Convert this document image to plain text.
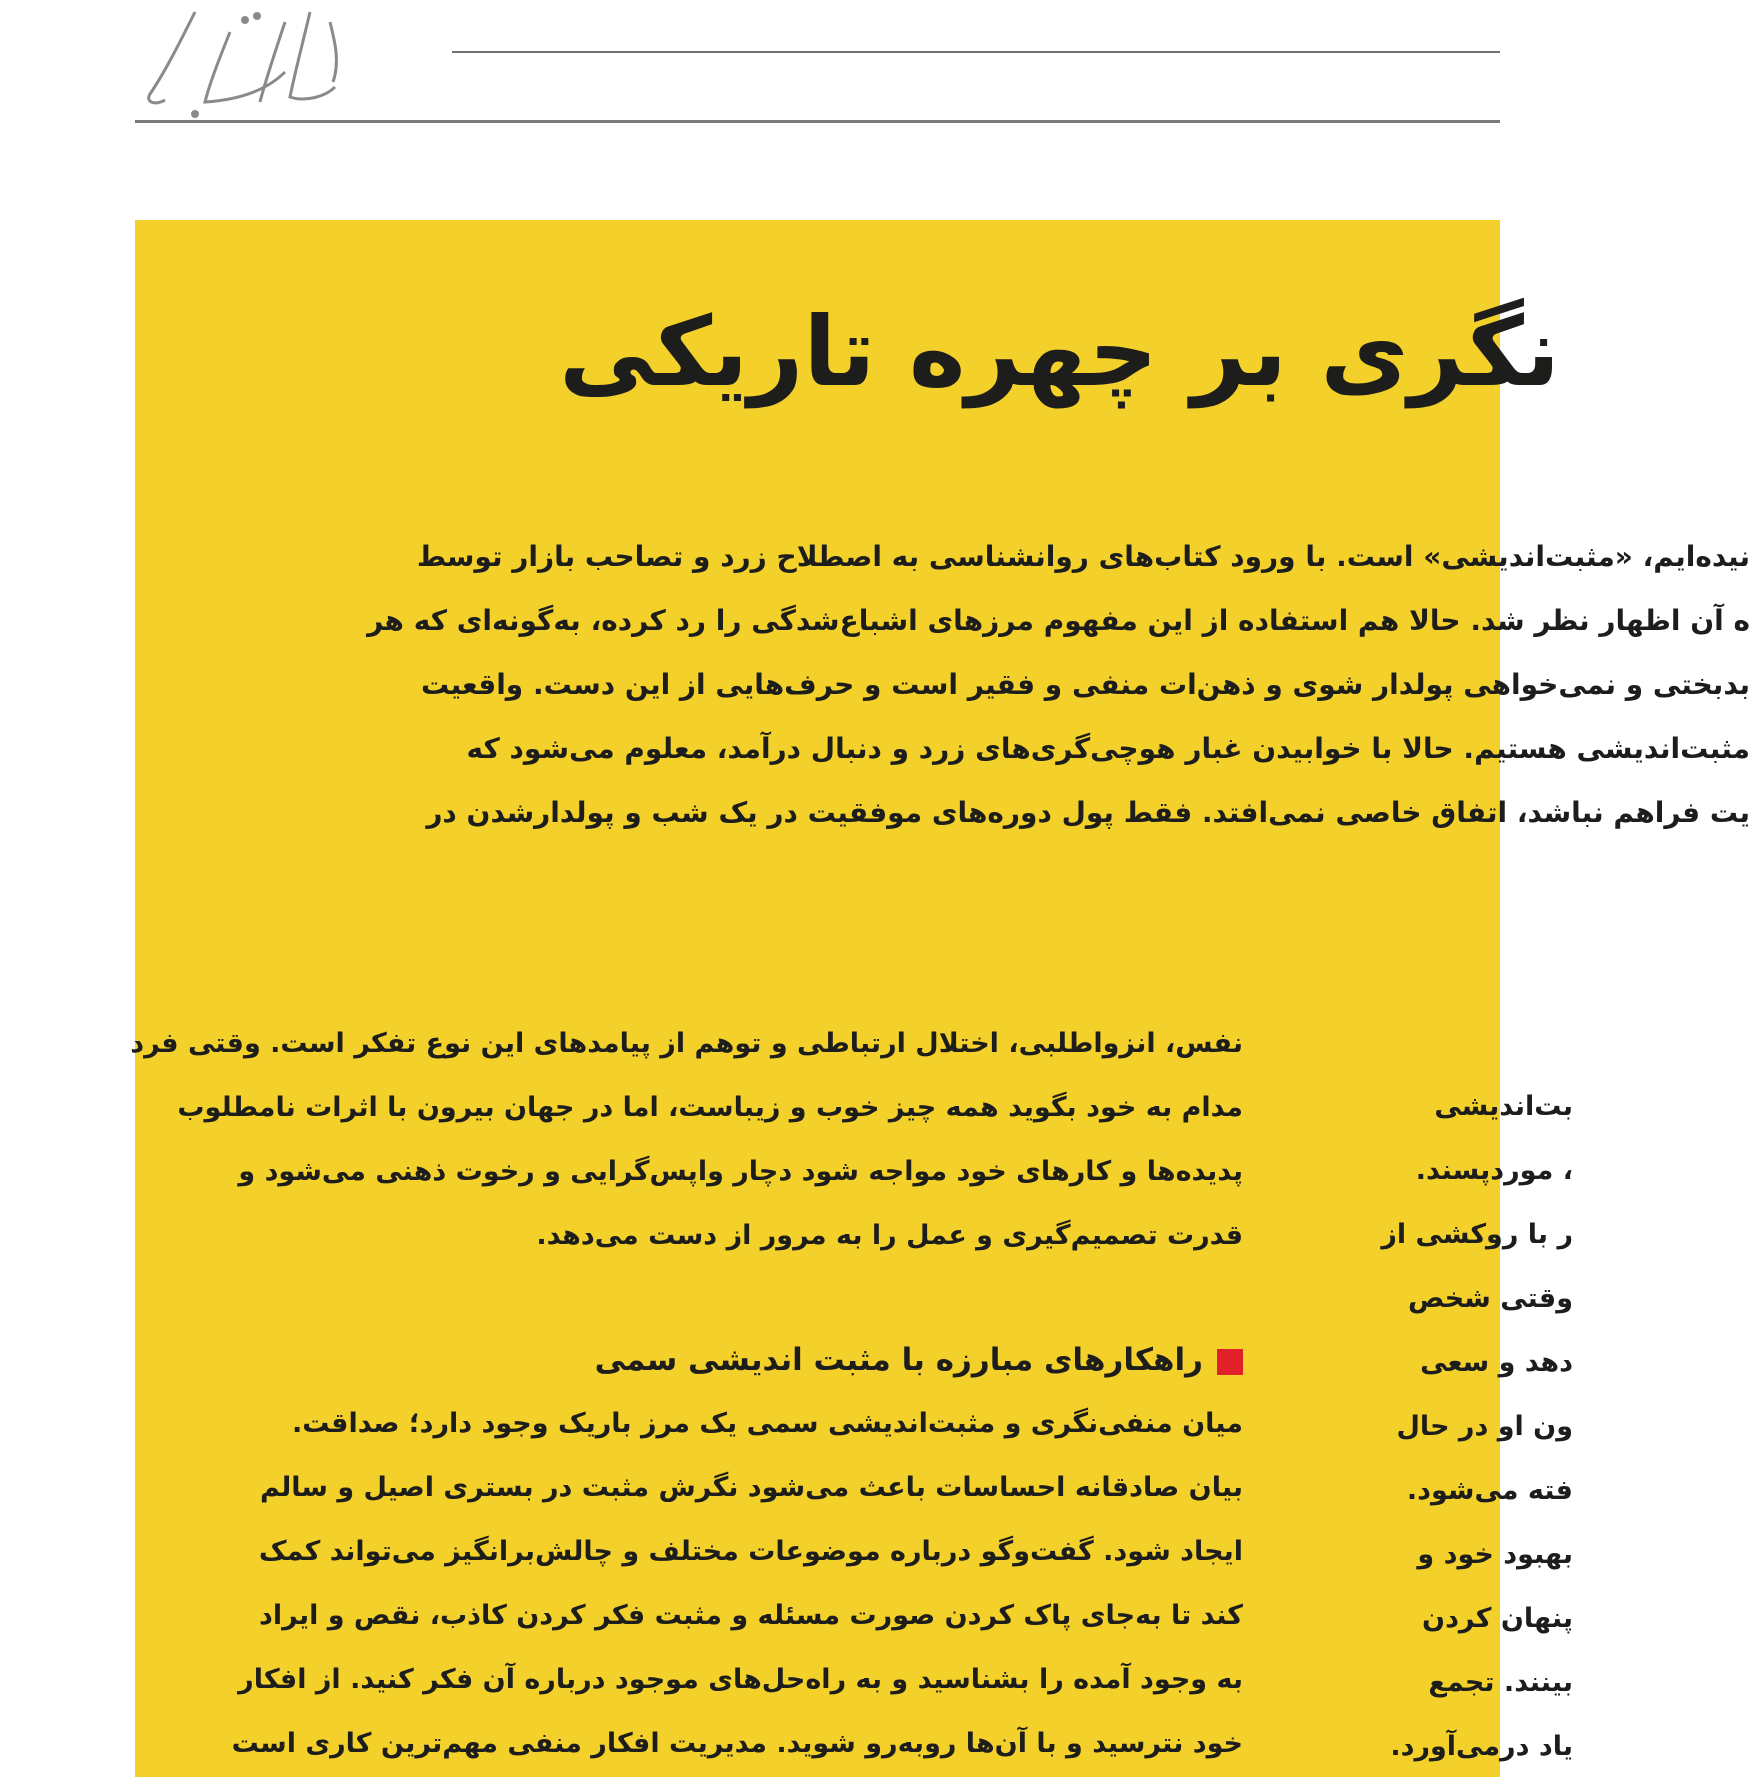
نگری بر چهره تاریکی
نیده‌ایم، «مثبت‌اندیشی» است. با ورود کتاب‌های روانشناسی به اصطلاح زرد و تصاحب بازار توسط
ه آن اظهار نظر شد. حالا هم استفاده از این مفهوم مرزهای اشباع‌شدگی را رد کرده، به‌گونه‌ای که هر
بدبختی و نمی‌خواهی پولدار شوی و ذهن‌ات منفی و فقیر است و حرف‌هایی از این دست. واقعیت
مثبت‌اندیشی هستیم. حالا با خوابیدن غبار هوچی‌گری‌های زرد و دنبال درآمد، معلوم می‌شود که
یت فراهم نباشد، اتفاق خاصی نمی‌افتد. فقط پول دوره‌های موفقیت در یک شب و پولدارشدن در
نفس، انزواطلبی، اختلال ارتباطی و توهم از پیامدهای این نوع تفکر است. وقتی فرد
مدام به خود بگوید همه چیز خوب و زیباست، اما در جهان بیرون با اثرات نامطلوب
پدیده‌ها و کارهای خود مواجه شود دچار واپس‌گرایی و رخوت ذهنی می‌شود و
قدرت تصمیم‌گیری و عمل را به مرور از دست می‌دهد.
راهکارهای مبارزه با مثبت اندیشی سمی
میان منفی‌نگری و مثبت‌اندیشی سمی یک مرز باریک وجود دارد؛ صداقت.
بیان صادقانه احساسات باعث می‌شود نگرش مثبت در بستری اصیل و سالم
ایجاد شود. گفت‌وگو درباره موضوعات مختلف و چالش‌برانگیز می‌تواند کمک
کند تا به‌جای پاک کردن صورت مسئله و مثبت فکر کردن کاذب، نقص و ایراد
به وجود آمده را بشناسید و به راه‌حل‌های موجود درباره آن فکر کنید. از افکار
خود نترسید و با آن‌ها روبه‌رو شوید. مدیریت افکار منفی مهم‌ترین کاری است
بت‌اندیشی ، موردپسند. ر با روکشی از وقتی شخص دهد و سعی ون او در حال فته می‌شود. بهبود خود و پنهان کردن بینند. تجمع یاد درمی‌آورد.
